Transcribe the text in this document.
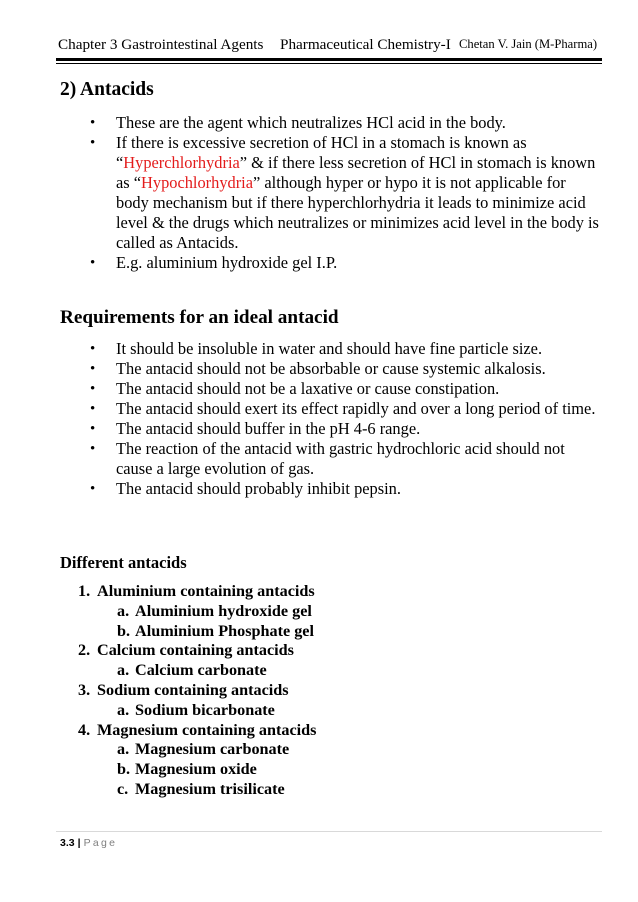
Chapter 3 Gastrointestinal Agents Pharmaceutical Chemistry-I Chetan V. Jain (M-Pharma)
2) Antacids
• These are the agent which neutralizes HCl acid in the body.
• If there is excessive secretion of HCl in a stomach is known as “Hyperchlorhydria” & if there less secretion of HCl in stomach is known as “Hypochlorhydria” although hyper or hypo it is not applicable for body mechanism but if there hyperchlorhydria it leads to minimize acid level & the drugs which neutralizes or minimizes acid level in the body is called as Antacids.
• E.g. aluminium hydroxide gel I.P.
Requirements for an ideal antacid
• It should be insoluble in water and should have fine particle size.
• The antacid should not be absorbable or cause systemic alkalosis.
• The antacid should not be a laxative or cause constipation.
• The antacid should exert its effect rapidly and over a long period of time.
• The antacid should buffer in the pH 4-6 range.
• The reaction of the antacid with gastric hydrochloric acid should not cause a large evolution of gas.
• The antacid should probably inhibit pepsin.
Different antacids
1. Aluminium containing antacids
a. Aluminium hydroxide gel
b. Aluminium Phosphate gel
2. Calcium containing antacids
a. Calcium carbonate
3. Sodium containing antacids
a. Sodium bicarbonate
4. Magnesium containing antacids
a. Magnesium carbonate
b. Magnesium oxide
c. Magnesium trisilicate
3.3 | Page
